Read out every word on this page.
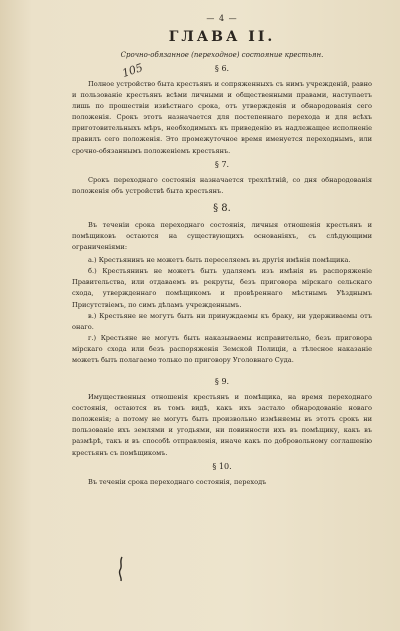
105
— 4 —
ГЛАВА II.
Срочно-обязанное (переходное) состояние крестьян.
§ 6.

Полное устройство быта крестьянъ и сопряженныхъ съ нимъ учрежденій, равно и пользованіе крестьянъ всѣми личными и общественными правами, наступаетъ лишь по прошествіи извѣстнаго срока, отъ утвержденія и обнародованія сего положенія. Срокъ этотъ назначается для постепеннаго перехода и для всѣхъ приготовительныхъ мѣръ, необходимыхъ къ приведенію въ надлежащее исполненіе правилъ сего положенія. Это промежуточное время именуется переходнымъ, или срочно-обязаннымъ положеніемъ крестьянъ.

§ 7.

Срокъ переходнаго состоянія назначается трехлѣтній, со дня обнародованія положенія объ устройствѣ быта крестьянъ.

§ 8.

Въ теченіи срока переходнаго состоянія, личныя отношенія крестьянъ и помѣщиковъ остаются на существующихъ основаніяхъ, съ слѣдующими ограниченіями:

а.) Крестьянинъ не можетъ быть переселяемъ въ другія имѣнія помѣщика.

б.) Крестьянинъ не можетъ быть удаляемъ изъ имѣнія въ распоряженіе Правительства, или отдаваемъ въ рекруты, безъ приговора мірскаго сельскаго схода, утвержденнаго помѣщикомъ и провѣреннаго мѣстнымъ Уѣзднымъ Присутствіемъ, по симъ дѣламъ учрежденнымъ.

в.) Крестьяне не могутъ быть ни принуждаемы къ браку, ни удерживаемы отъ онаго.

г.) Крестьяне не могутъ быть наказываемы исправительно, безъ приговора мірскаго схода или безъ распоряженія Земской Полиціи, а тѣлесное наказаніе можетъ быть полагаемо только по приговору Уголовнаго Суда.

§ 9.

Имущественныя отношенія крестьянъ и помѣщика, на время переходнаго состоянія, остаются въ томъ видѣ, какъ ихъ застало обнародованіе новаго положенія; а потому не могутъ быть произвольно измѣняемы въ этотъ срокъ ни пользованіе ихъ землями и угодьями, ни повинности ихъ въ помѣщику, какъ въ размѣрѣ, такъ и въ способѣ отправленія, иначе какъ по добровольному соглашенію крестьянъ съ помѣщикомъ.

§ 10.

Въ теченіи срока переходнаго состоянія, переходъ
